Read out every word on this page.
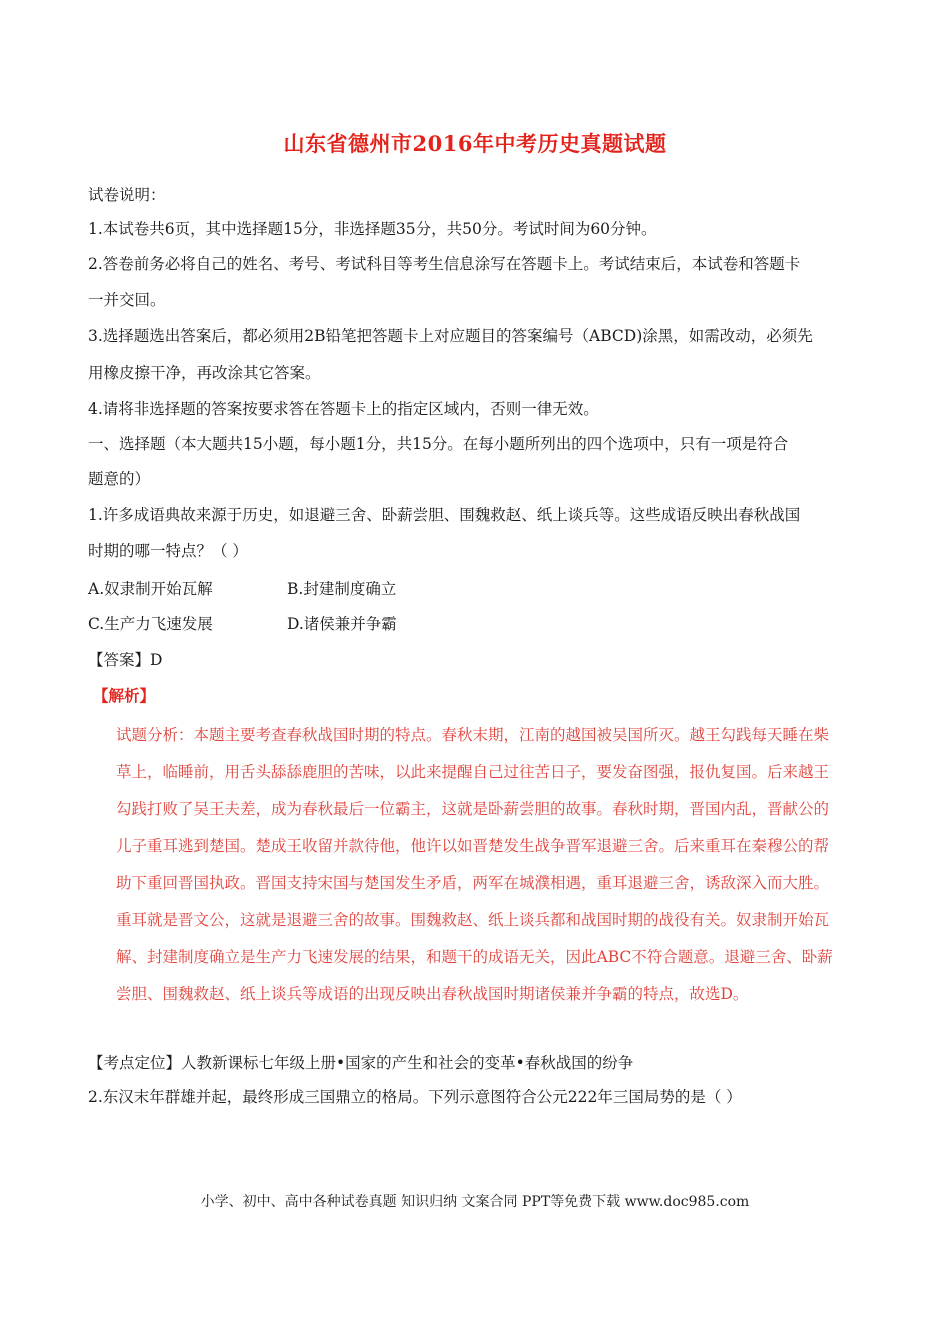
山东省德州市2016年中考历史真题试题
试卷说明：
1.本试卷共6页，其中选择题15分，非选择题35分，共50分。考试时间为60分钟。
2.答卷前务必将自己的姓名、考号、考试科目等考生信息涂写在答题卡上。考试结束后，本试卷和答题卡
一并交回。
3.选择题选出答案后，都必须用2B铅笔把答题卡上对应题目的答案编号（ABCD)涂黑，如需改动，必须先
用橡皮擦干净，再改涂其它答案。
4.请将非选择题的答案按要求答在答题卡上的指定区域内，否则一律无效。
一、选择题（本大题共15小题，每小题1分，共15分。在每小题所列出的四个选项中，只有一项是符合
题意的）
1.许多成语典故来源于历史，如退避三舍、卧薪尝胆、围魏救赵、纸上谈兵等。这些成语反映出春秋战国
时期的哪一特点？（ ）
A.奴隶制开始瓦解	B.封建制度确立
C.生产力飞速发展	D.诸侯兼并争霸
【答案】D
【解析】
试题分析：本题主要考查春秋战国时期的特点。春秋末期，江南的越国被吴国所灭。越王勾践每天睡在柴
草上，临睡前，用舌头舔舔鹿胆的苦味，以此来提醒自己过往苦日子，要发奋图强，报仇复国。后来越王
勾践打败了吴王夫差，成为春秋最后一位霸主，这就是卧薪尝胆的故事。春秋时期，晋国内乱，晋献公的
儿子重耳逃到楚国。楚成王收留并款待他，他许以如晋楚发生战争晋军退避三舍。后来重耳在秦穆公的帮
助下重回晋国执政。晋国支持宋国与楚国发生矛盾，两军在城濮相遇，重耳退避三舍，诱敌深入而大胜。
重耳就是晋文公，这就是退避三舍的故事。围魏救赵、纸上谈兵都和战国时期的战役有关。奴隶制开始瓦
解、封建制度确立是生产力飞速发展的结果，和题干的成语无关，因此ABC不符合题意。退避三舍、卧薪
尝胆、围魏救赵、纸上谈兵等成语的出现反映出春秋战国时期诸侯兼并争霸的特点，故选D。
【考点定位】人教新课标七年级上册•国家的产生和社会的变革•春秋战国的纷争
2.东汉末年群雄并起，最终形成三国鼎立的格局。下列示意图符合公元222年三国局势的是（ ）
小学、初中、高中各种试卷真题 知识归纳 文案合同 PPT等免费下载 www.doc985.com
